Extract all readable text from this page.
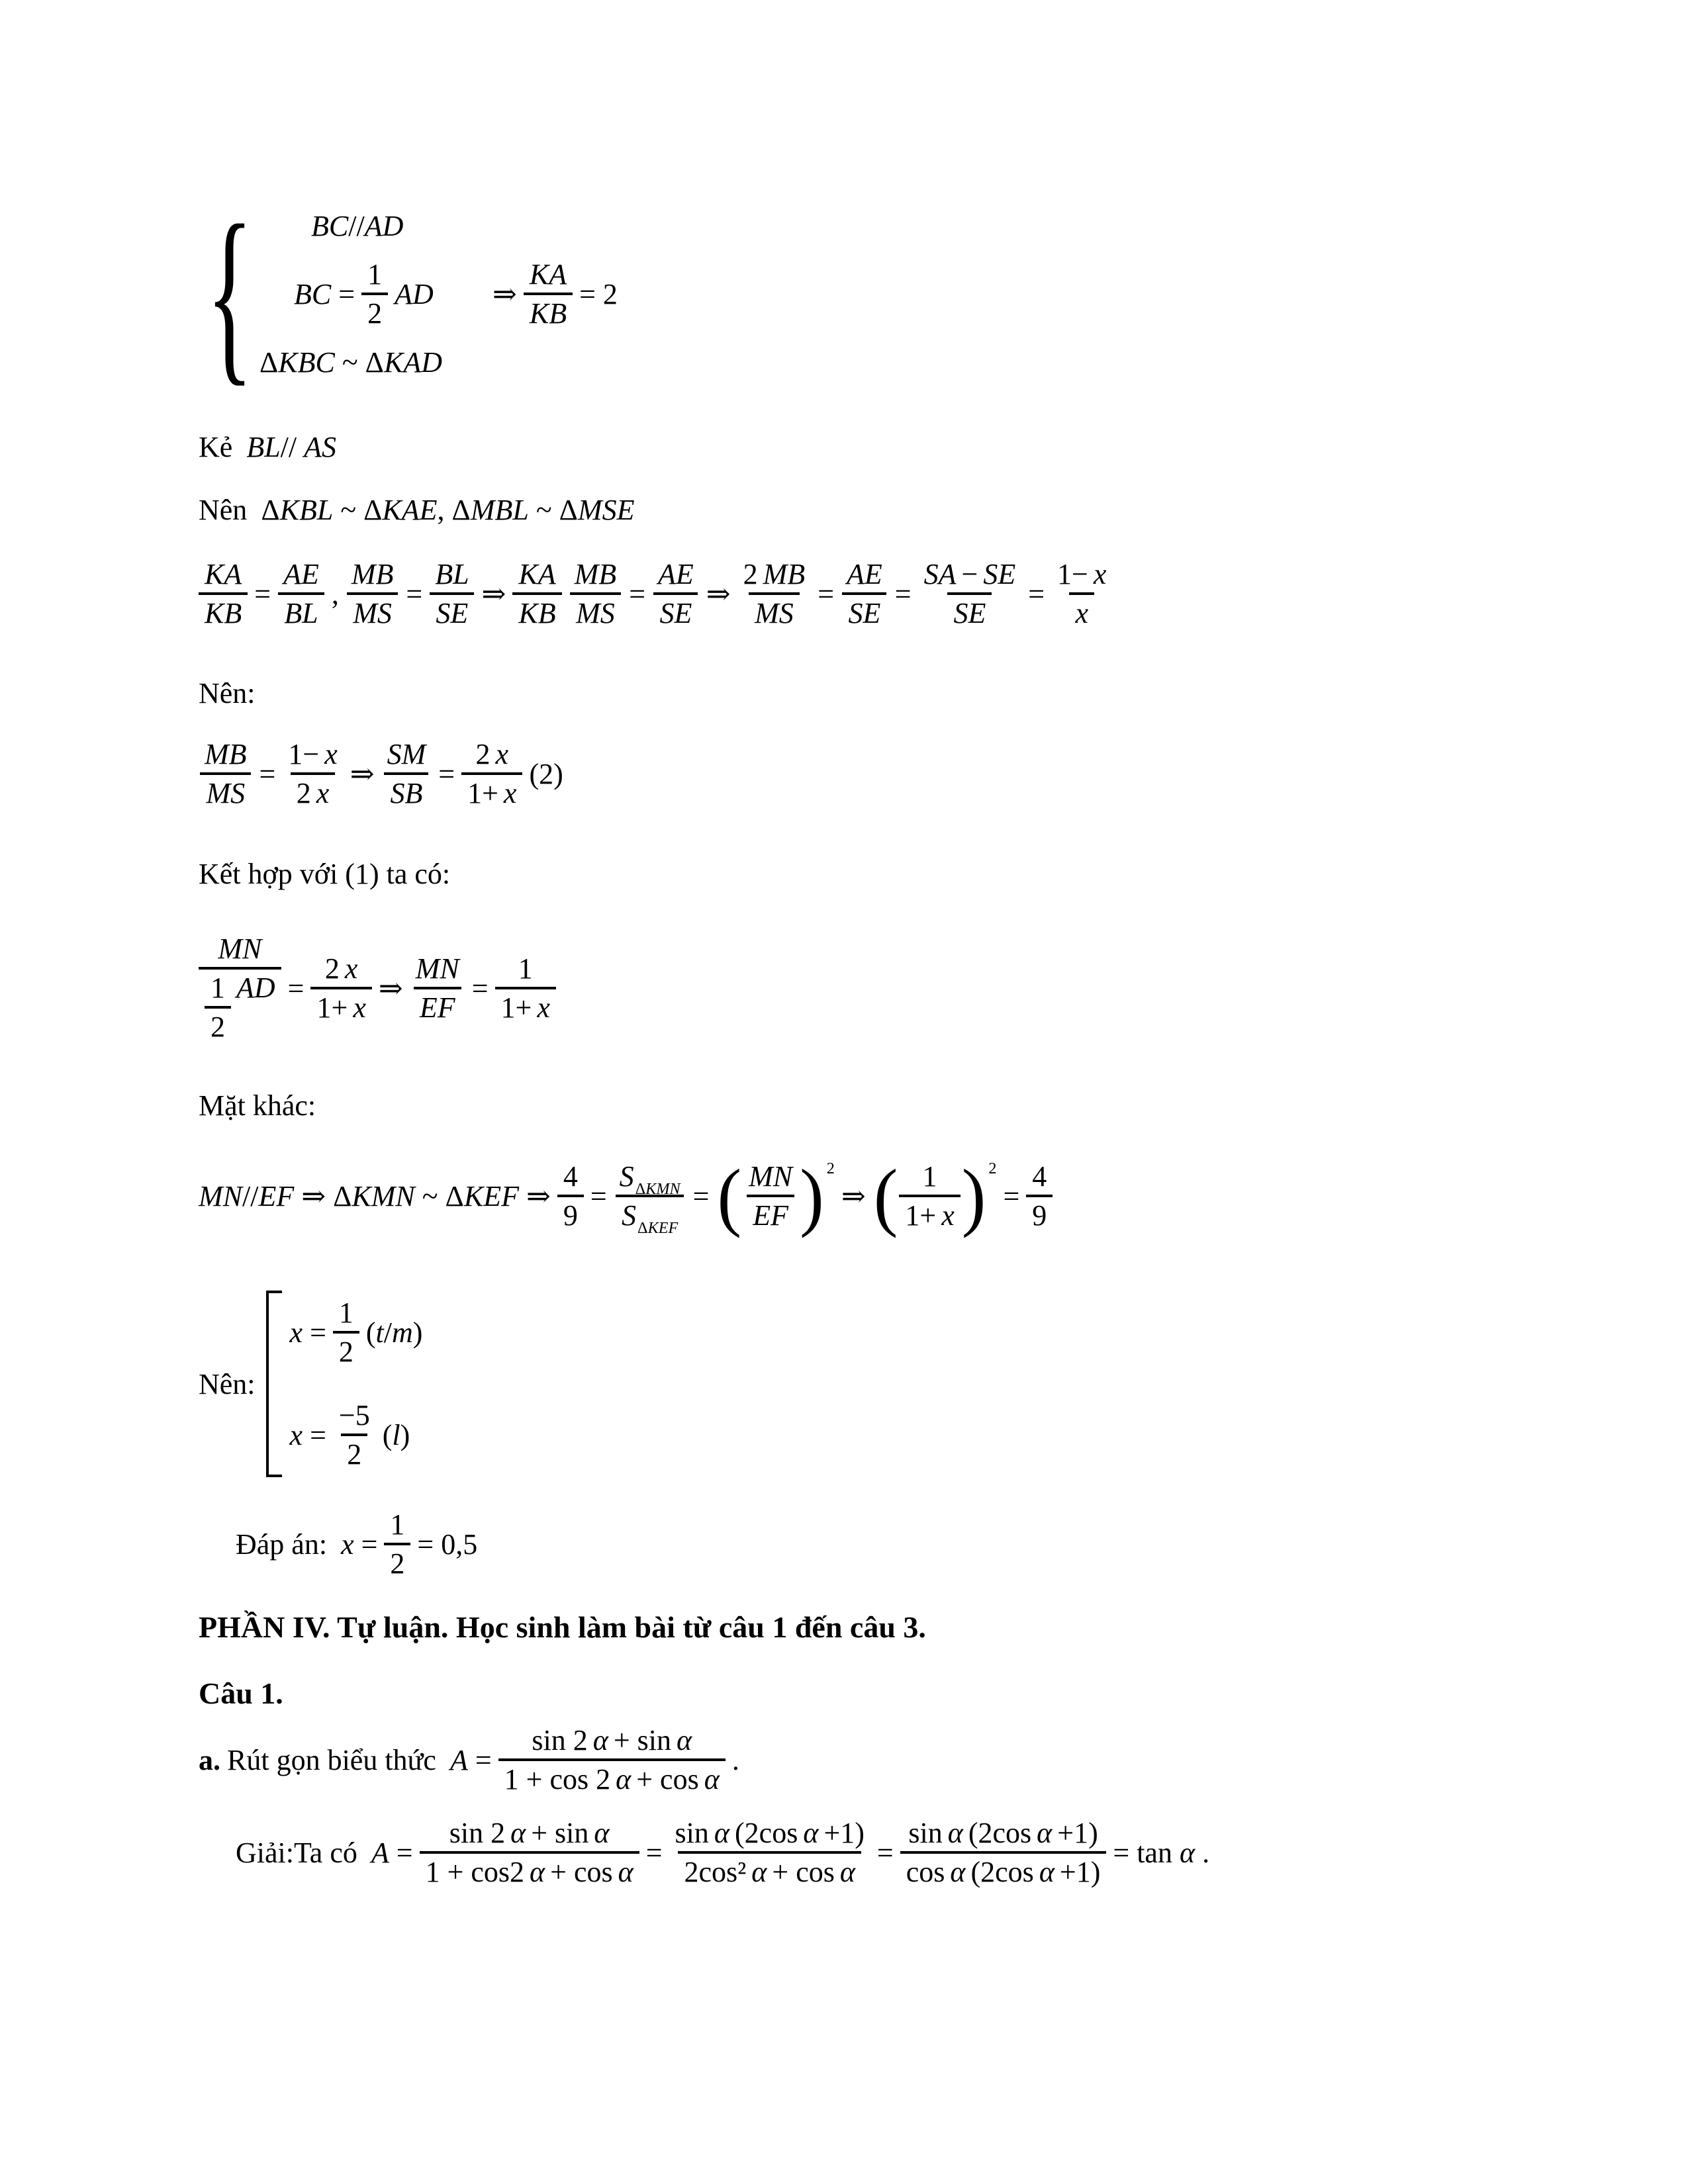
{ BC//AD
BC = $\frac{1}{2}$ AD
ΔKBC ~ ΔKAD
⇒ $\frac{KA}{KB} = 2$
Kẻ BL// AS
Nên ΔKBL ~ ΔKAE, ΔMBL ~ ΔMSE
$\frac{KA}{KB} = \frac{AE}{BL}$ , $\frac{MB}{MS} = \frac{BL}{SE}$ ⇒ $\frac{KA}{KB} \frac{MB}{MS} = \frac{AE}{SE}$ ⇒ $\frac{2 MB}{MS} = \frac{AE}{SE} = \frac{SA - SE}{SE} = \frac{1- x}{x}$
Nên:
$\frac{MB}{MS} = \frac{1- x}{2 x}$ ⇒ $\frac{SM}{SB} = \frac{2 x}{1+ x} (2)$
Kết hợp với (1) ta có:
$\frac{MN}{\frac{1}{2} AD} = \frac{2 x}{1+ x}$ ⇒ $\frac{MN}{EF} = \frac{1}{1+ x}$
Mặt khác:
MN//EF ⇒ ΔKMN ~ ΔKEF ⇒ $\frac{4}{9} = \frac{\text{S ΔKMN}}{\text{S ΔKEF}}$ = ( $\frac{MN}{EF}$ ) 2
⇒ ( $\frac{1}{1+ x}$ ) 2
= $\frac{4}{9}$
Nên:
$x = \frac{1}{2} (t/m)$
$x = \frac{-5}{2} (l)$
Đáp án: $x = \frac{1}{2} = 0,5$
PHẦN IV. Tự luận. Học sinh làm bài từ câu 1 đến câu 3.
Câu 1.
a. Rút gọn biểu thức $A = \frac{\text{sin 2 α + sin α}}{\text{1 + cos 2 α + cos α}}$ .
Giải:Ta có $A = \frac{\text{sin 2 α + sin α}}{\text{1 + cos2 α + cos α}} = \frac{\text{sin α (2cos α +1)}}{\text{2cos² α + cos α}} = \frac{\text{sin α (2cos α +1)}}{\text{cos α (2cos α +1)}} = \tan \alpha$ .
